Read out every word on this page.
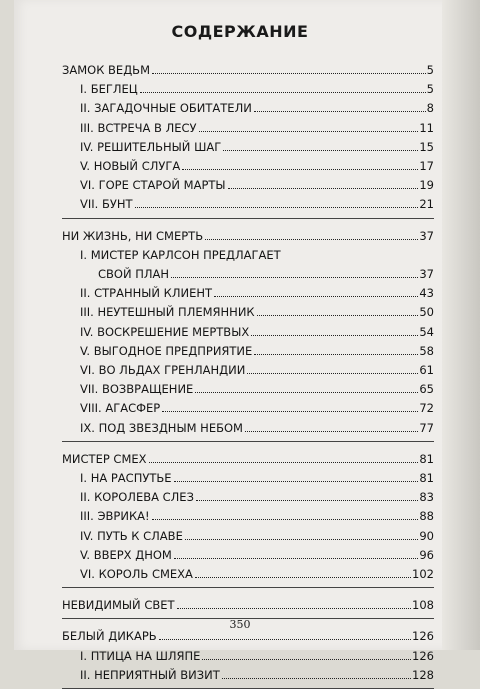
СОДЕРЖАНИЕ
ЗАМОК ВЕДЬМ	5
I. БЕГЛЕЦ	5
II. ЗАГАДОЧНЫЕ ОБИТАТЕЛИ	8
III. ВСТРЕЧА В ЛЕСУ	11
IV. РЕШИТЕЛЬНЫЙ ШАГ	15
V. НОВЫЙ СЛУГА	17
VI. ГОРЕ СТАРОЙ МАРТЫ	19
VII. БУНТ	21
НИ ЖИЗНЬ, НИ СМЕРТЬ	37
I. МИСТЕР КАРЛСОН ПРЕДЛАГАЕТ
СВОЙ ПЛАН	37
II. СТРАННЫЙ КЛИЕНТ	43
III. НЕУТЕШНЫЙ ПЛЕМЯННИК	50
IV. ВОСКРЕШЕНИЕ МЕРТВЫХ	54
V. ВЫГОДНОЕ ПРЕДПРИЯТИЕ	58
VI. ВО ЛЬДАХ ГРЕНЛАНДИИ	61
VII. ВОЗВРАЩЕНИЕ	65
VIII. АГАСФЕР	72
IX. ПОД ЗВЕЗДНЫМ НЕБОМ	77
МИСТЕР СМЕХ	81
I. НА РАСПУТЬЕ	81
II. КОРОЛЕВА СЛЕЗ	83
III. ЭВРИКА!	88
IV. ПУТЬ К СЛАВЕ	90
V. ВВЕРХ ДНОМ	96
VI. КОРОЛЬ СМЕХА	102
НЕВИДИМЫЙ СВЕТ	108
БЕЛЫЙ ДИКАРЬ	126
I. ПТИЦА НА ШЛЯПЕ	126
II. НЕПРИЯТНЫЙ ВИЗИТ	128
350
